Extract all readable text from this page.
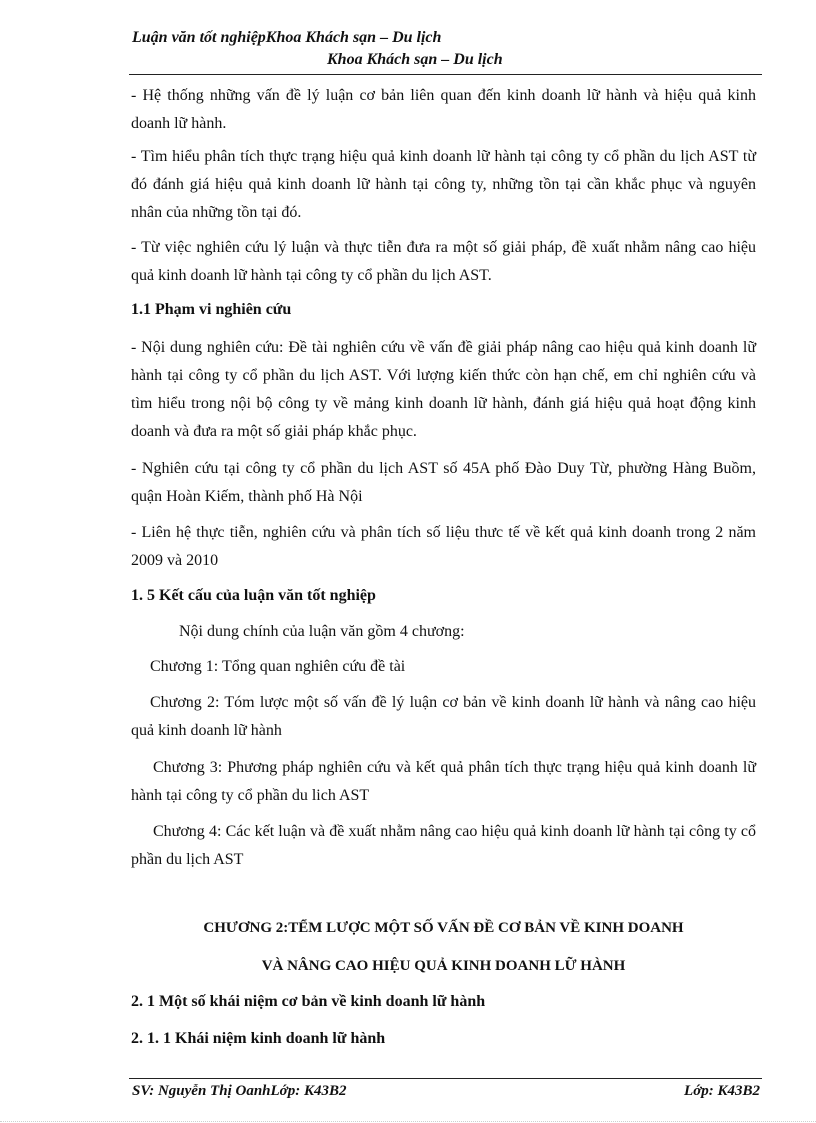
Luận văn tốt nghiệpKhoa Khách sạn – Du lịch
Khoa Khách sạn – Du lịch
- Hệ thống những vấn đề lý luận cơ bản liên quan đến kinh doanh lữ hành và hiệu quả kinh doanh lữ hành.
- Tìm hiểu phân tích thực trạng hiệu quả kinh doanh lữ hành tại công ty cổ phần du lịch AST từ đó đánh giá hiệu quả kinh doanh lữ hành tại công ty, những tồn tại cần khắc phục và nguyên nhân của những tồn tại đó.
- Từ việc nghiên cứu lý luận và thực tiễn đưa ra một số giải pháp, đề xuất nhằm nâng cao hiệu quả kinh doanh lữ hành tại công ty cổ phần du lịch AST.
1.1 Phạm vi nghiên cứu
- Nội dung nghiên cứu: Đề tài nghiên cứu về vấn đề giải pháp nâng cao hiệu quả kinh doanh lữ hành tại công ty cổ phần du lịch AST. Với lượng kiến thức còn hạn chế, em chỉ nghiên cứu và tìm hiểu trong nội bộ công ty về mảng kinh doanh lữ hành, đánh giá hiệu quả hoạt động kinh doanh và đưa ra một số giải pháp khắc phục.
- Nghiên cứu tại công ty cổ phần du lịch AST số 45A phố Đào Duy Từ, phường Hàng Buồm, quận Hoàn Kiếm, thành phố Hà Nội
- Liên hệ thực tiễn, nghiên cứu và phân tích số liệu thưc tế về kết quả kinh doanh trong 2 năm 2009 và 2010
1. 5 Kết cấu của luận văn tốt nghiệp
Nội dung chính của luận văn gồm 4 chương:
Chương 1: Tổng quan nghiên cứu đề tài
Chương 2: Tóm lược một số vấn đề lý luận cơ bản về kinh doanh lữ hành và nâng cao hiệu quả kinh doanh lữ hành
Chương 3: Phương pháp nghiên cứu và kết quả phân tích thực trạng hiệu quả kinh doanh lữ hành tại công ty cổ phần du lich AST
Chương 4: Các kết luận và đề xuất nhằm nâng cao hiệu quả kinh doanh lữ hành tại công ty cổ phần du lịch AST
CHƯƠNG 2:TỂM LƯỢC MỘT SỐ VẤN ĐỀ CƠ BẢN VỀ KINH DOANH
VÀ NÂNG CAO HIỆU QUẢ KINH DOANH LỮ HÀNH
2. 1 Một số khái niệm cơ bản về kinh doanh lữ hành
2. 1. 1 Khái niệm kinh doanh lữ hành
SV: Nguyễn Thị OanhLớp: K43B2	Lớp: K43B2
